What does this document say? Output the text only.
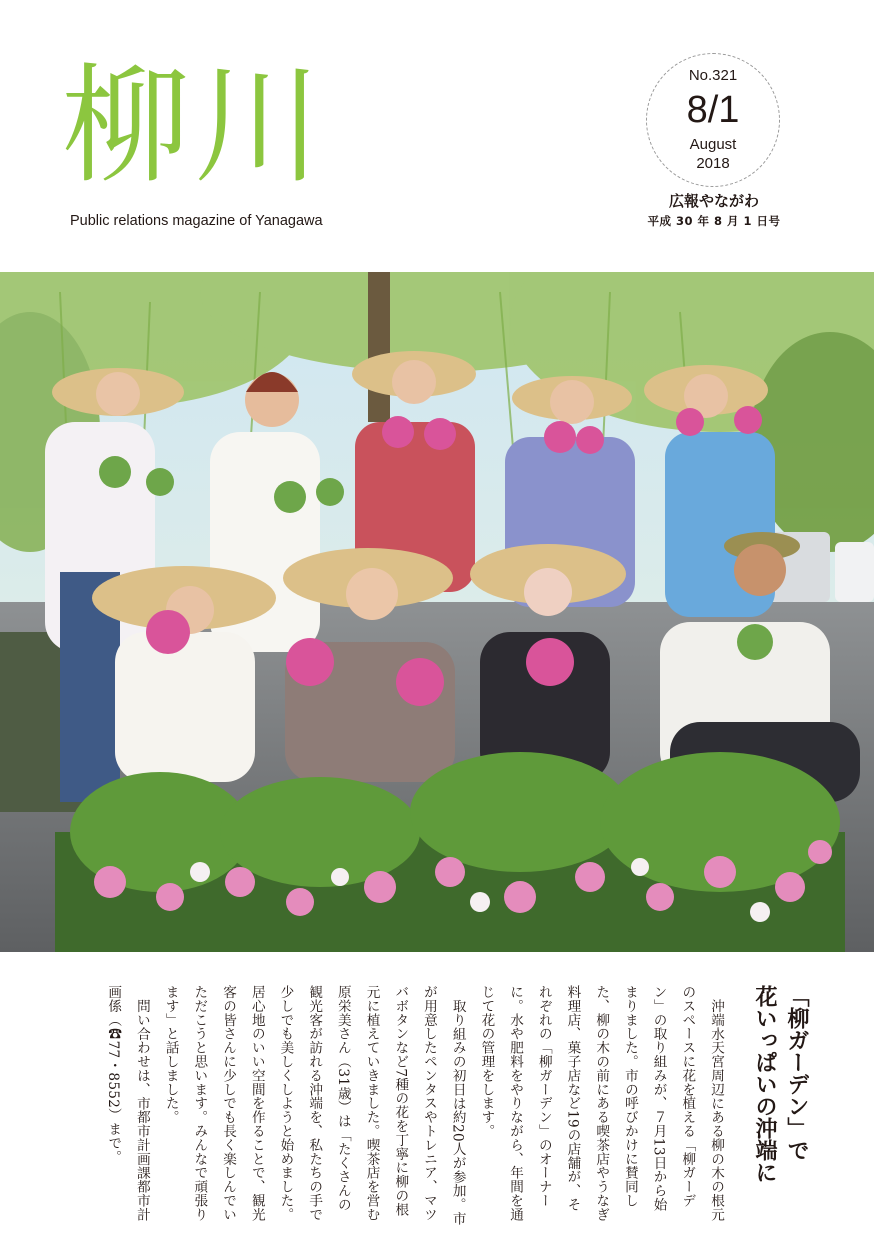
柳川
Public relations magazine of Yanagawa
No.321
8/1
August
2018
広報やながわ
平成 30 年 8 月 1 日号
「柳ガーデン」で
花いっぱいの沖端に

沖端水天宮周辺にある柳の木の根元のスペースに花を植える「柳ガーデン」の取り組みが、７月13日から始まりました。市の呼びかけに賛同した、柳の木の前にある喫茶店やうなぎ料理店、菓子店など19の店舗が、それぞれの「柳ガーデン」のオーナーに。水や肥料をやりながら、年間を通じて花の管理をします。

取り組みの初日は約20人が参加。市が用意したペンタスやトレニア、マツバボタンなど7種の花を丁寧に柳の根元に植えていきました。喫茶店を営む原栄美さん（31歳）は「たくさんの観光客が訪れる沖端を、私たちの手で少しでも美しくしようと始めました。居心地のいい空間を作ることで、観光客の皆さんに少しでも長く楽しんでいただこうと思います。みんなで頑張ります」と話しました。

問い合わせは、市都市計画課都市計画係（☎77・8552）まで。
